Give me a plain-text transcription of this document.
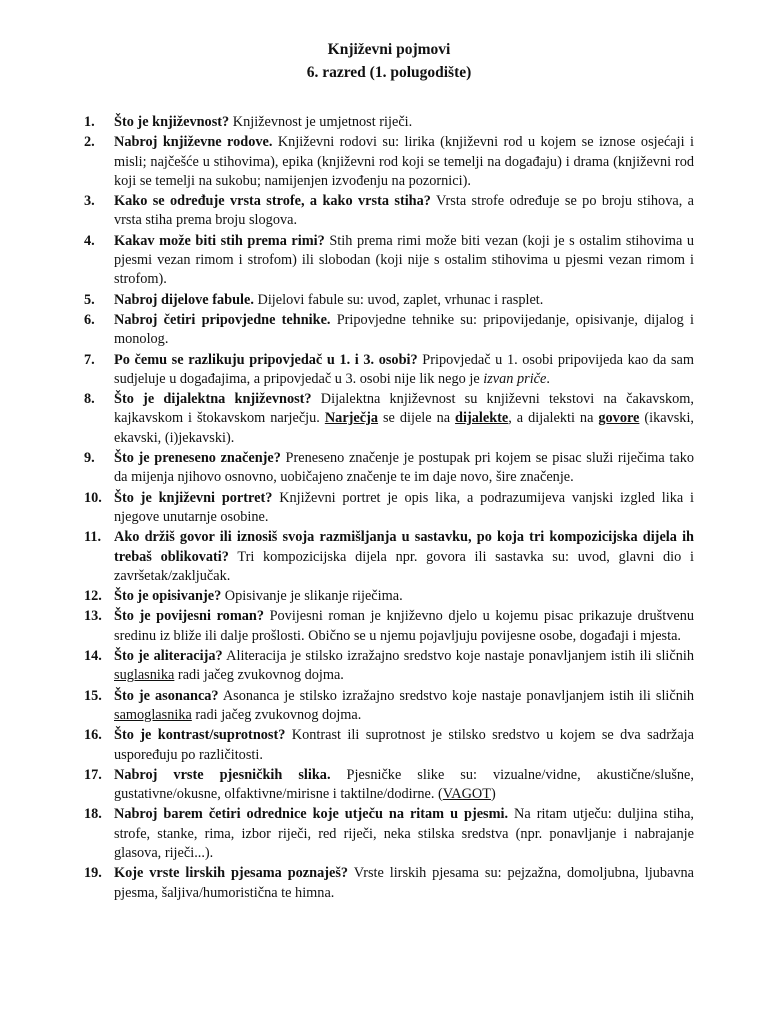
Književni pojmovi
6. razred (1. polugodište)
1.	Što je književnost? Književnost je umjetnost riječi.
2.	Nabroj književne rodove. Književni rodovi su: lirika (književni rod u kojem se iznose osjećaji i misli; najčešće u stihovima), epika (književni rod koji se temelji na događaju) i drama (književni rod koji se temelji na sukobu; namijenjen izvođenju na pozornici).
3.	Kako se određuje vrsta strofe, a kako vrsta stiha? Vrsta strofe određuje se po broju stihova, a vrsta stiha prema broju slogova.
4.	Kakav može biti stih prema rimi? Stih prema rimi može biti vezan (koji je s ostalim stihovima u pjesmi vezan rimom i strofom) ili slobodan (koji nije s ostalim stihovima u pjesmi vezan rimom i strofom).
5.	Nabroj dijelove fabule. Dijelovi fabule su: uvod, zaplet, vrhunac i rasplet.
6.	Nabroj četiri pripovjedne tehnike. Pripovjedne tehnike su: pripovijedanje, opisivanje, dijalog i monolog.
7.	Po čemu se razlikuju pripovjedač u 1. i 3. osobi? Pripovjedač u 1. osobi pripovijeda kao da sam sudjeluje u događajima, a pripovjedač u 3. osobi nije lik nego je izvan priče.
8.	Što je dijalektna književnost? Dijalektna književnost su književni tekstovi na čakavskom, kajkavskom i štokavskom narječju. Narječja se dijele na dijalekte, a dijalekti na govore (ikavski, ekavski, (i)jekavski).
9.	Što je preneseno značenje? Preneseno značenje je postupak pri kojem se pisac služi riječima tako da mijenja njihovo osnovno, uobičajeno značenje te im daje novo, šire značenje.
10. Što je književni portret? Književni portret je opis lika, a podrazumijeva vanjski izgled lika i njegove unutarnje osobine.
11. Ako držiš govor ili iznosiš svoja razmišljanja u sastavku, po koja tri kompozicijska dijela ih trebaš oblikovati? Tri kompozicijska dijela npr. govora ili sastavka su: uvod, glavni dio i završetak/zaključak.
12. Što je opisivanje? Opisivanje je slikanje riječima.
13. Što je povijesni roman? Povijesni roman je književno djelo u kojemu pisac prikazuje društvenu sredinu iz bliže ili dalje prošlosti. Obično se u njemu pojavljuju povijesne osobe, događaji i mjesta.
14. Što je aliteracija? Aliteracija je stilsko izražajno sredstvo koje nastaje ponavljanjem istih ili sličnih suglasnika radi jačeg zvukovnog dojma.
15. Što je asonanca? Asonanca je stilsko izražajno sredstvo koje nastaje ponavljanjem istih ili sličnih samoglasnika radi jačeg zvukovnog dojma.
16. Što je kontrast/suprotnost? Kontrast ili suprotnost je stilsko sredstvo u kojem se dva sadržaja uspoređuju po različitosti.
17. Nabroj vrste pjesničkih slika. Pjesničke slike su: vizualne/vidne, akustične/slušne, gustativne/okusne, olfaktivne/mirisne i taktilne/dodirne. (VAGOT)
18. Nabroj barem četiri odrednice koje utječu na ritam u pjesmi. Na ritam utječu: duljina stiha, strofe, stanke, rima, izbor riječi, red riječi, neka stilska sredstva (npr. ponavljanje i nabrajanje glasova, riječi...).
19. Koje vrste lirskih pjesama poznaješ? Vrste lirskih pjesama su: pejzažna, domoljubna, ljubavna pjesma, šaljiva/humoristična te himna.
